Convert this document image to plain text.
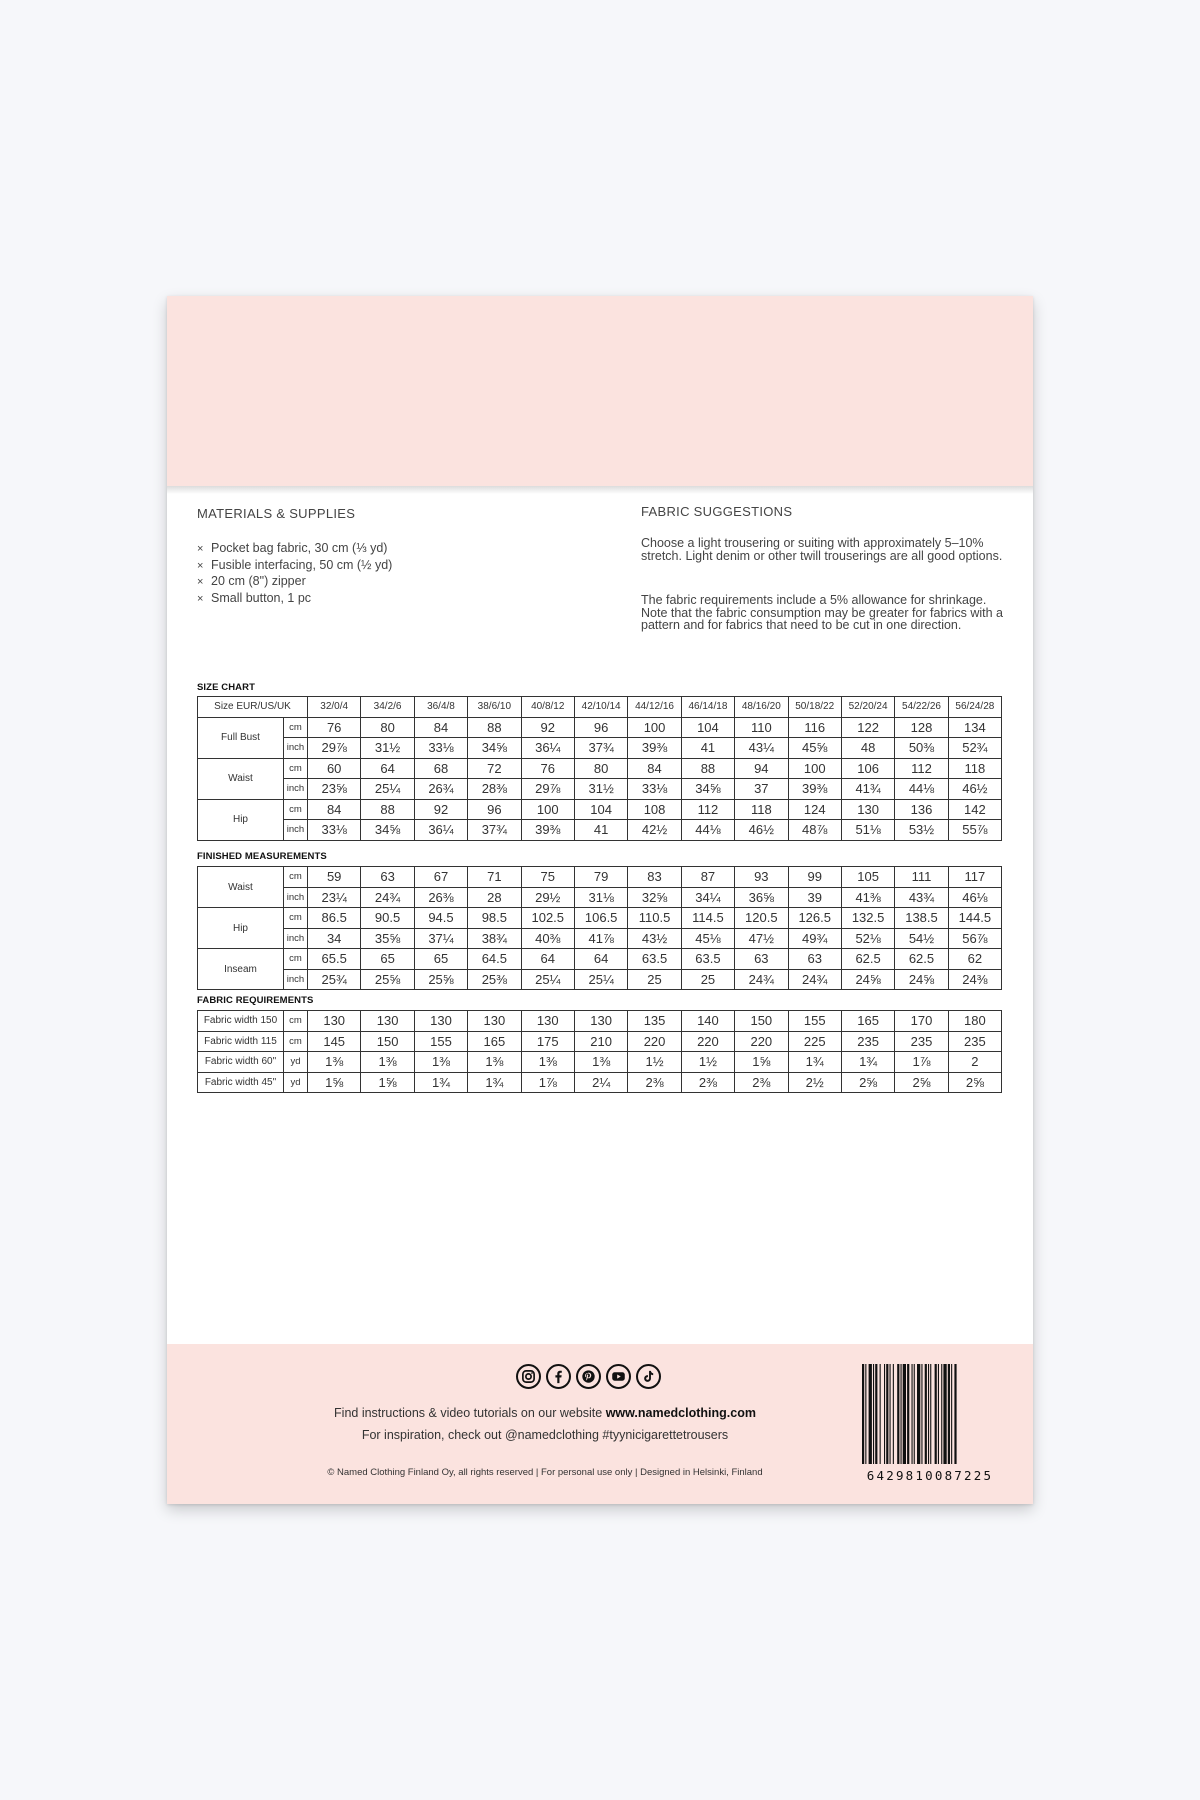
MATERIALS & SUPPLIES
× Pocket bag fabric, 30 cm (⅓ yd)
× Fusible interfacing, 50 cm (½ yd)
× 20 cm (8") zipper
× Small button, 1 pc
FABRIC SUGGESTIONS

Choose a light trousering or suiting with approximately 5–10% stretch. Light denim or other twill trouserings are all good options.

The fabric requirements include a 5% allowance for shrinkage. Note that the fabric consumption may be greater for fabrics with a pattern and for fabrics that need to be cut in one direction.

SIZE CHART
Size EUR/US/UK		32/0/4	34/2/6	36/4/8	38/6/10	40/8/12	42/10/14	44/12/16	46/14/18	48/16/20	50/18/22	52/20/24	54/22/26	56/24/28
Full Bust	cm	76	80	84	88	92	96	100	104	110	116	122	128	134
	inch	29⅞	31½	33⅛	34⅝	36¼	37¾	39⅜	41	43¼	45⅝	48	50⅜	52¾
Waist	cm	60	64	68	72	76	80	84	88	94	100	106	112	118
	inch	23⅝	25¼	26¾	28⅜	29⅞	31½	33⅛	34⅝	37	39⅜	41¾	44⅛	46½
Hip	cm	84	88	92	96	100	104	108	112	118	124	130	136	142
	inch	33⅛	34⅝	36¼	37¾	39⅜	41	42½	44⅛	46½	48⅞	51⅛	53½	55⅞
FINISHED MEASUREMENTS
Waist	cm	59	63	67	71	75	79	83	87	93	99	105	111	117
	inch	23¼	24¾	26⅜	28	29½	31⅛	32⅝	34¼	36⅝	39	41⅜	43¾	46⅛
Hip	cm	86.5	90.5	94.5	98.5	102.5	106.5	110.5	114.5	120.5	126.5	132.5	138.5	144.5
	inch	34	35⅝	37¼	38¾	40⅜	41⅞	43½	45⅛	47½	49¾	52⅛	54½	56⅞
Inseam	cm	65.5	65	65	64.5	64	64	63.5	63.5	63	63	62.5	62.5	62
	inch	25¾	25⅝	25⅝	25⅜	25¼	25¼	25	25	24¾	24¾	24⅝	24⅝	24⅜
FABRIC REQUIREMENTS
Fabric width 150	cm	130	130	130	130	130	130	135	140	150	155	165	170	180
Fabric width 115	cm	145	150	155	165	175	210	220	220	220	225	235	235	235
Fabric width 60"	yd	1⅜	1⅜	1⅜	1⅜	1⅜	1⅜	1½	1½	1⅝	1¾	1¾	1⅞	2
Fabric width 45"	yd	1⅝	1⅝	1¾	1¾	1⅞	2¼	2⅜	2⅜	2⅜	2½	2⅝	2⅝	2⅝
Find instructions & video tutorials on our website www.namedclothing.com
For inspiration, check out @namedclothing #tyynicigarettetrousers
© Named Clothing Finland Oy, all rights reserved | For personal use only | Designed in Helsinki, Finland	6429810087225
